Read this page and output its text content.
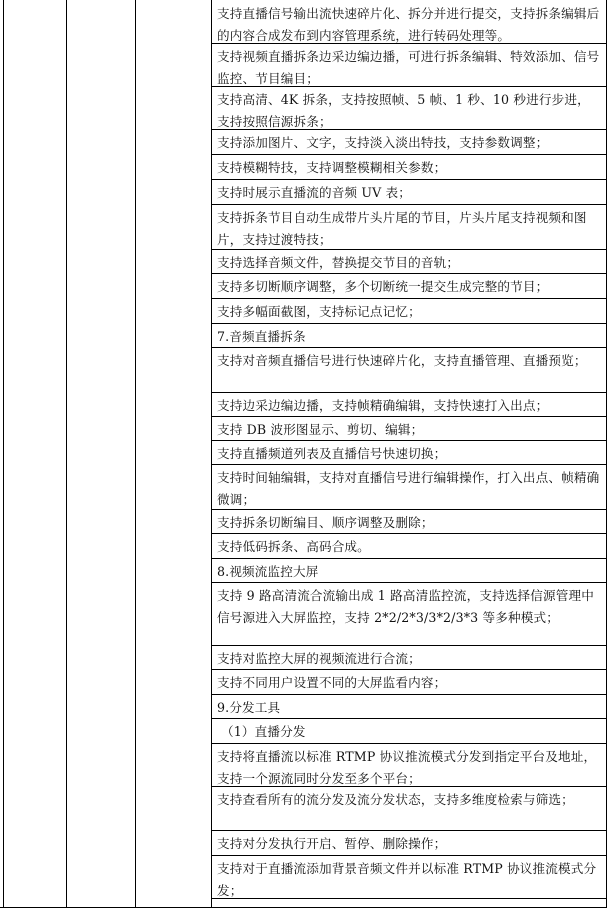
支持直播信号输出流快速碎片化、拆分并进行提交，支持拆条编辑后的内容合成发布到内容管理系统，进行转码处理等。
支持视频直播拆条边采边编边播，可进行拆条编辑、特效添加、信号监控、节目编目；
支持高清、4K 拆条，支持按照帧、5 帧、1 秒、10 秒进行步进，支持按照信源拆条；
支持添加图片、文字，支持淡入淡出特技，支持参数调整；
支持模糊特技，支持调整模糊相关参数；
支持时展示直播流的音频 UV 表；
支持拆条节目自动生成带片头片尾的节目，片头片尾支持视频和图片，支持过渡特技；
支持选择音频文件，替换提交节目的音轨；
支持多切断顺序调整，多个切断统一提交生成完整的节目；
支持多幅面截图，支持标记点记忆；
7.音频直播拆条
支持对音频直播信号进行快速碎片化，支持直播管理、直播预览；
支持边采边编边播，支持帧精确编辑，支持快速打入出点；
支持 DB 波形图显示、剪切、编辑；
支持直播频道列表及直播信号快速切换；
支持时间轴编辑，支持对直播信号进行编辑操作，打入出点、帧精确微调；
支持拆条切断编目、顺序调整及删除；
支持低码拆条、高码合成。
8.视频流监控大屏
支持 9 路高清流合流输出成 1 路高清监控流，支持选择信源管理中信号源进入大屏监控，支持 2*2/2*3/3*2/3*3 等多种模式；
支持对监控大屏的视频流进行合流；
支持不同用户设置不同的大屏监看内容；
9.分发工具
（1）直播分发
支持将直播流以标准 RTMP 协议推流模式分发到指定平台及地址，支持一个源流同时分发至多个平台；
支持查看所有的流分发及流分发状态，支持多维度检索与筛选；
支持对分发执行开启、暂停、删除操作；
支持对于直播流添加背景音频文件并以标准 RTMP 协议推流模式分发；
